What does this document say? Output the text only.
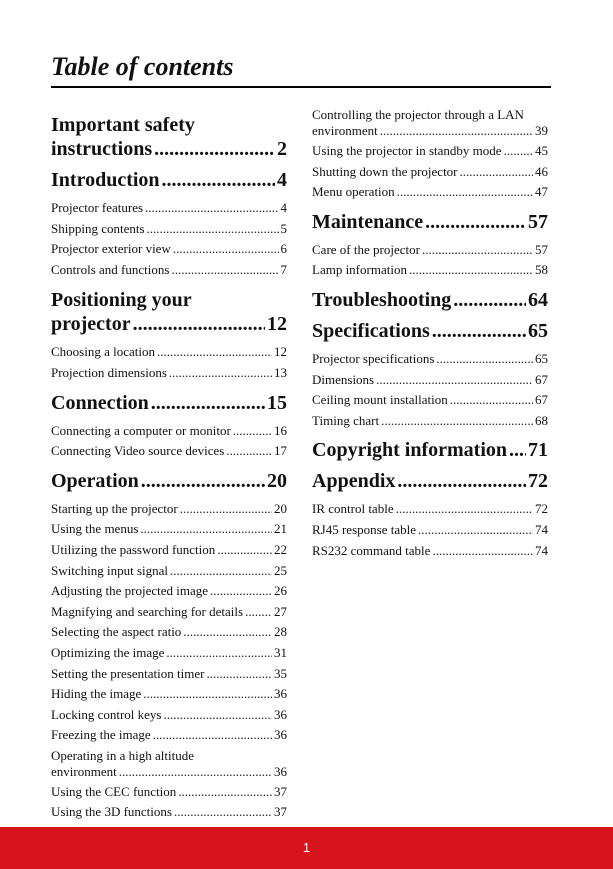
Table of contents
Important safety
instructions .....	2
Introduction .....	4
Projector features .....	4
Shipping contents .....	5
Projector exterior view .....	6
Controls and functions .....	7
Positioning your
projector .....	12
Choosing a location .....	12
Projection dimensions .....	13
Connection .....	15
Connecting a computer or monitor .....	16
Connecting Video source devices .....	17
Operation .....	20
Starting up the projector .....	20
Using the menus .....	21
Utilizing the password function .....	22
Switching input signal .....	25
Adjusting the projected image .....	26
Magnifying and searching for details ..... 27
Selecting the aspect ratio .....	28
Optimizing the image .....	31
Setting the presentation timer .....	35
Hiding the image .....	36
Locking control keys .....	36
Freezing the image .....	36
Operating in a high altitude
environment .....	36
Using the CEC function .....	37
Using the 3D functions .....	37
Controlling the projector through a LAN
environment .....	39
Using the projector in standby mode .....	45
Shutting down the projector .....	46
Menu operation .....	47
Maintenance .....	57
Care of the projector .....	57
Lamp information .....	58
Troubleshooting .....	64
Specifications .....	65
Projector specifications .....	65
Dimensions .....	67
Ceiling mount installation .....	67
Timing chart .....	68
Copyright information ..... 71
Appendix .....	72
IR control table .....	72
RJ45 response table .....	74
RS232 command table .....	74
1
